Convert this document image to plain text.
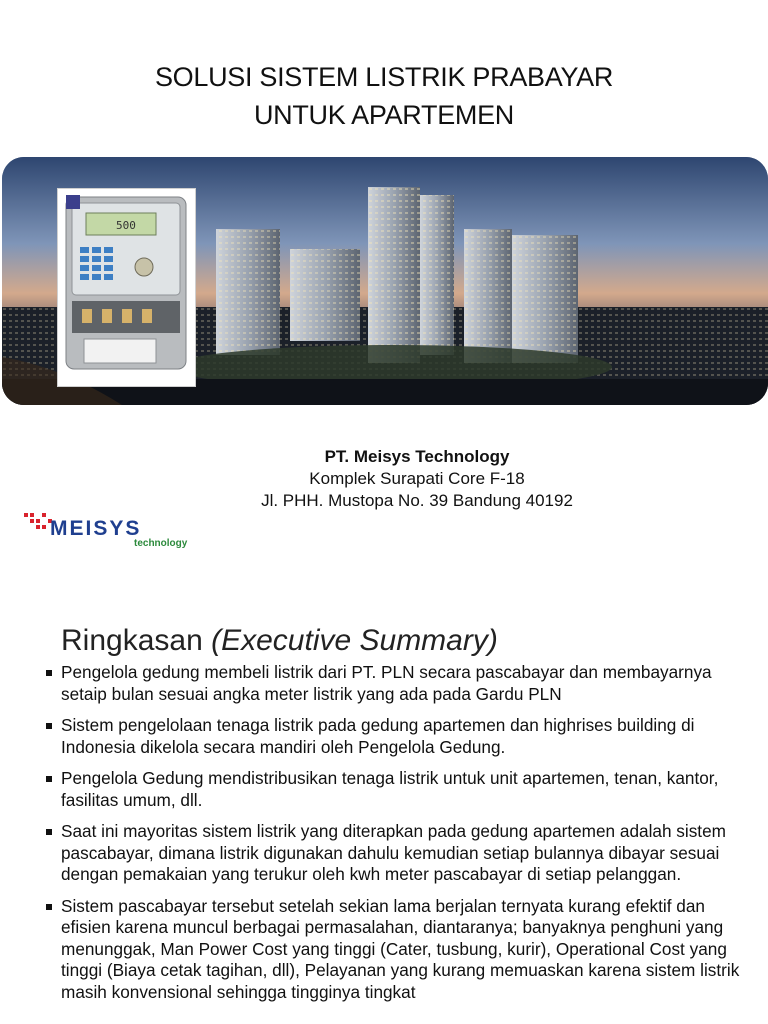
SOLUSI SISTEM LISTRIK PRABAYAR
UNTUK APARTEMEN
500
PT. Meisys Technology
Komplek Surapati Core F-18
Jl. PHH. Mustopa No. 39 Bandung 40192
MEISYS
technology
Ringkasan (Executive Summary)
Pengelola gedung membeli listrik dari PT. PLN secara pascabayar dan membayarnya setaip bulan sesuai angka meter listrik yang ada pada Gardu PLN
Sistem pengelolaan tenaga listrik pada gedung apartemen dan highrises building di Indonesia dikelola secara mandiri oleh Pengelola Gedung.
Pengelola Gedung mendistribusikan tenaga listrik untuk unit apartemen, tenan, kantor, fasilitas umum, dll.
Saat ini mayoritas sistem listrik yang diterapkan pada gedung apartemen adalah sistem pascabayar, dimana listrik digunakan dahulu kemudian setiap bulannya dibayar sesuai dengan pemakaian yang terukur oleh kwh meter pascabayar di setiap pelanggan.
Sistem pascabayar tersebut setelah sekian lama berjalan ternyata kurang efektif dan efisien karena muncul berbagai permasalahan, diantaranya; banyaknya penghuni yang menunggak, Man Power Cost yang tinggi (Cater, tusbung, kurir), Operational Cost yang tinggi (Biaya cetak tagihan, dll), Pelayanan yang kurang memuaskan karena sistem listrik masih konvensional sehingga tingginya tingkat
